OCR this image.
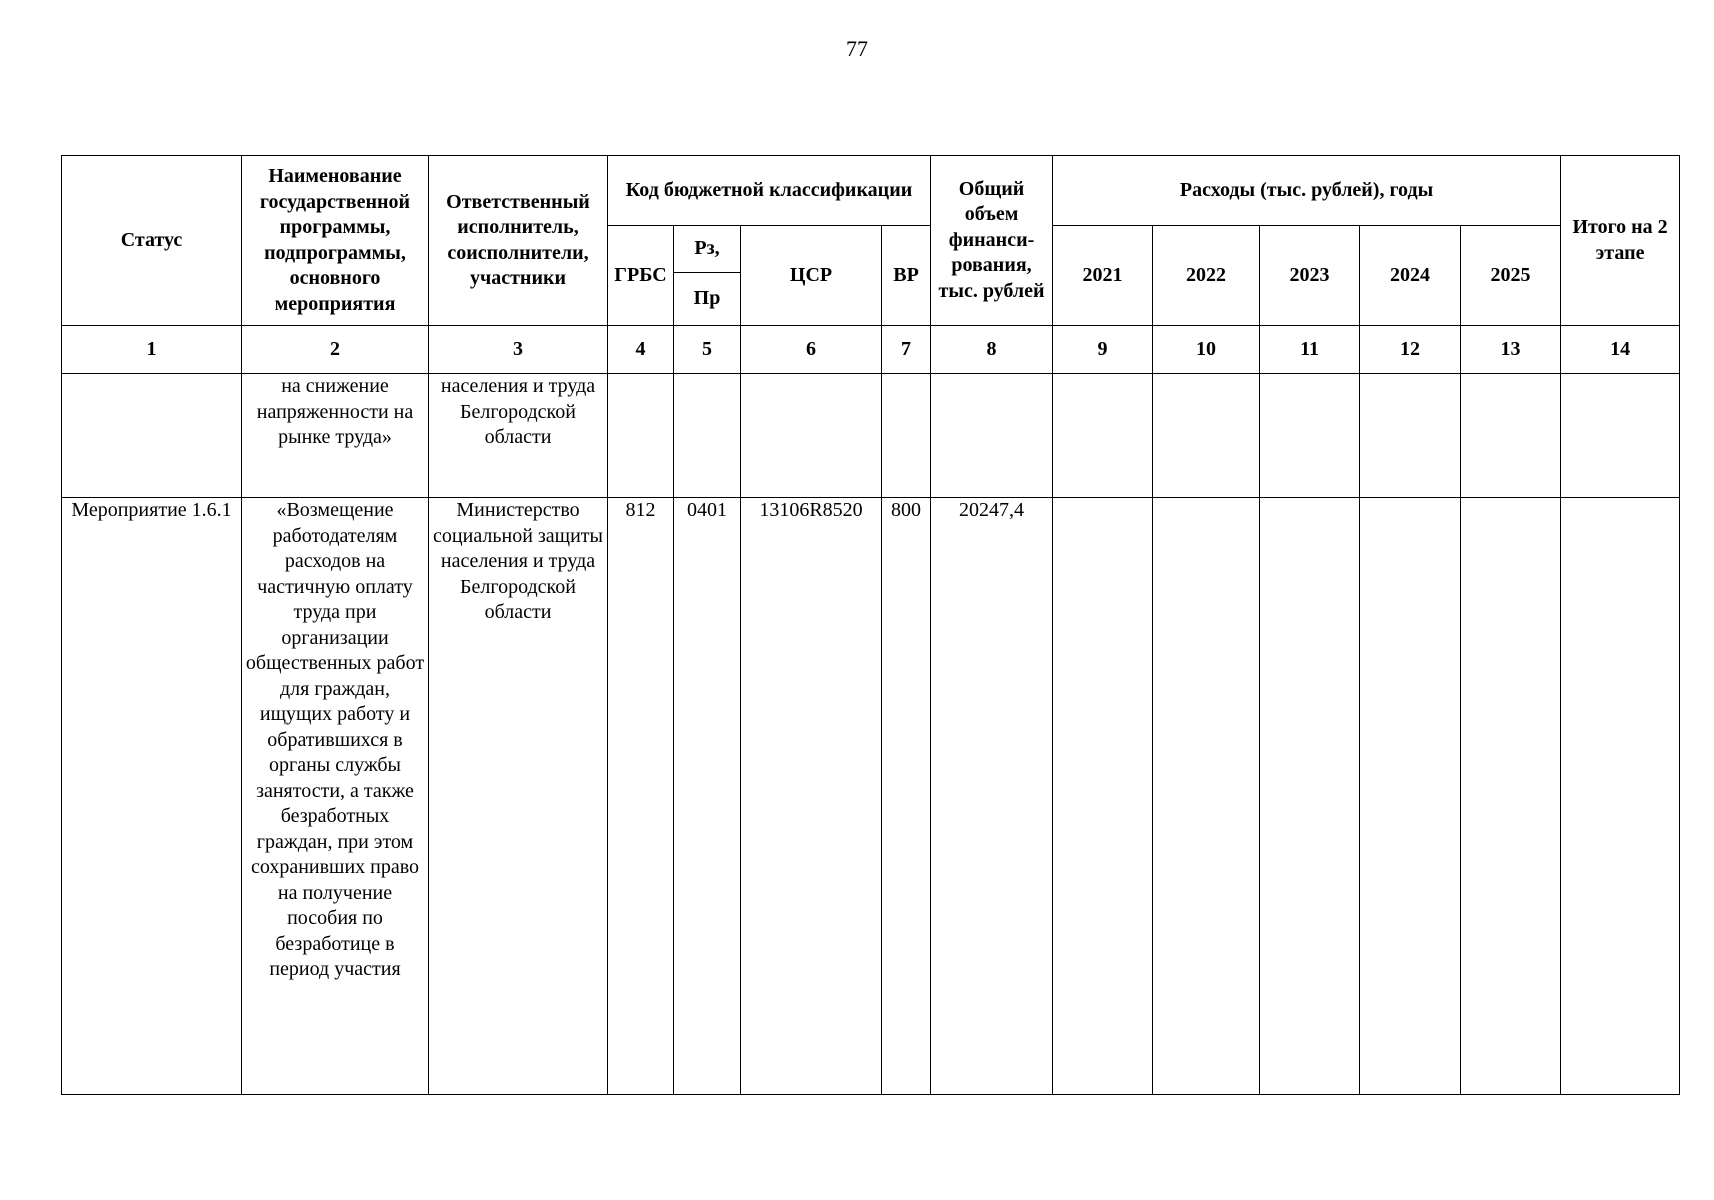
77
Статус	Наименование государственной программы, подпрограммы, основного мероприятия	Ответственный исполнитель, соисполнители, участники	Код бюджетной классификации				Общий объем финанси-рования, тыс. рублей	Расходы (тыс. рублей), годы					Итого на 2 этапе
			ГРБС	Рз,	ЦСР	ВР		2021	2022	2023	2024	2025	
				Пр									
1	2	3	4	5	6	7	8	9	10	11	12	13	14
	на снижение напряженности на рынке труда»	населения и труда Белгородской области											
Мероприятие 1.6.1	«Возмещение работодателям расходов на частичную оплату труда при организации общественных работ для граждан, ищущих работу и обратившихся в органы службы занятости, а также безработных граждан, при этом сохранивших право на получение пособия по безработице в период участия	Министерство социальной защиты населения и труда Белгородской области	812	0401	13106R8520	800	20247,4						
